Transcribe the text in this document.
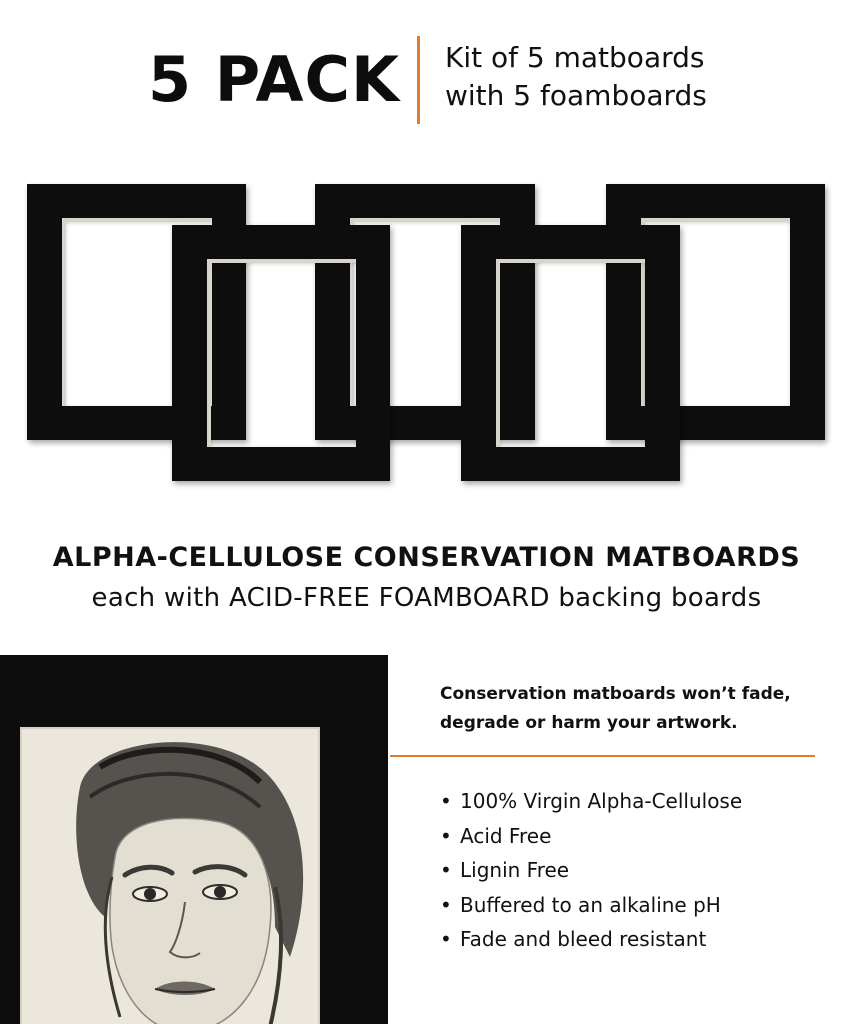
5 PACK Kit of 5 matboards
with 5 foamboards
ALPHA-CELLULOSE CONSERVATION MATBOARDS
each with ACID-FREE FOAMBOARD backing boards
Conservation matboards won’t fade,
degrade or harm your artwork.
• 100% Virgin Alpha-Cellulose
• Acid Free
• Lignin Free
• Buffered to an alkaline pH
• Fade and bleed resistant
